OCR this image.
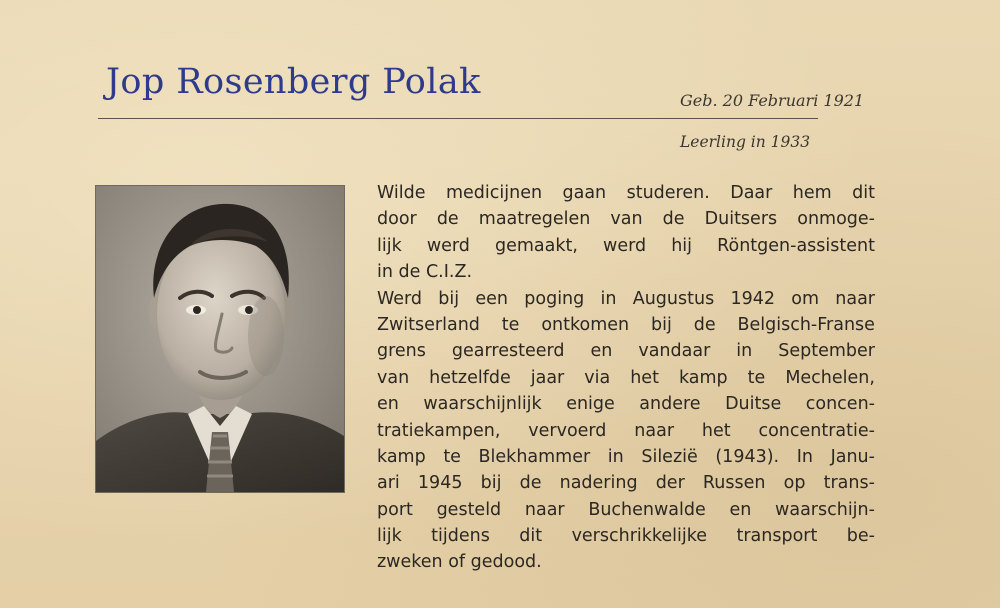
Jop Rosenberg Polak	Geb. 20 Februari 1921
Leerling in 1933
Wilde medicijnen gaan studeren. Daar hem dit
door de maatregelen van de Duitsers onmoge-
lijk werd gemaakt, werd hij Röntgen-assistent
in de C.I.Z.
Werd bij een poging in Augustus 1942 om naar
Zwitserland te ontkomen bij de Belgisch-Franse
grens gearresteerd en vandaar in September
van hetzelfde jaar via het kamp te Mechelen,
en waarschijnlijk enige andere Duitse concen-
tratiekampen, vervoerd naar het concentratie-
kamp te Blekhammer in Silezië (1943). In Janu-
ari 1945 bij de nadering der Russen op trans-
port gesteld naar Buchenwalde en waarschijn-
lijk tijdens dit verschrikkelijke transport be-
zweken of gedood.
